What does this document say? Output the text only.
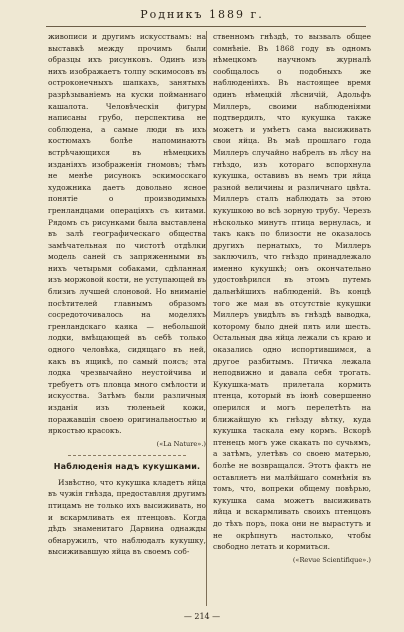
Родникъ 1889 г.

живописи и другимъ искусствамъ: на выставкѣ между прочимъ были образцы ихъ рисунковъ. Одинъ изъ нихъ изображаетъ толпу эскимосовъ въ остроконечныхъ шапкахъ, занятыхъ разрѣзываніемъ на куски пойманнаго кашалота. Человѣческія фигуры написаны грубо, перспектива не соблюдена, а самые люди въ ихъ костюмахъ болѣе напоминаютъ встрѣчающихся въ нѣмецкихъ изданіяхъ изображенія гномовъ; тѣмъ не менѣе рисунокъ эскимосскаго художника даетъ довольно ясное понятіе о производимыхъ гренландцами операціяхъ съ китами. Рядомъ съ рисунками была выставлена въ залѣ географическаго общества замѣчательная по чистотѣ отдѣлки модель саней съ запряженными въ нихъ четырьмя собаками, сдѣланная изъ моржовой кости, не уступающей въ близиъ лучшей слоновой. Но вниманіе посѣтителей главнымъ образомъ сосредоточивалось на моделяхъ гренландскаго каяка — небольшой лодки, вмѣщающей въ себѣ только одного человѣка, сидящаго въ ней, какъ въ ящикѣ, по самый поясъ; эта лодка чрезвычайно неустойчива и требуетъ отъ пловца много смѣлости и искусства. Затѣмъ были различныя изданія изъ тюленьей кожи, поражавшія своею оригинальностью и яркостью красокъ.

(«La Nature».)

Наблюденія надъ кукушками.

Извѣстно, что кукушка кладетъ яйца въ чужія гнѣзда, предоставляя другимъ птицамъ не только ихъ высиживать, но и вскармливать ея птенцовъ. Когда дѣдъ знаменитаго Дарвина однажды обнаружилъ, что наблюдалъ кукушку, высиживавшую яйца въ своемъ соб-

ственномъ гнѣздѣ, то вызвалъ общее сомнѣніе. Въ 1868 году въ одномъ нѣмецкомъ научномъ журналѣ сообщалось о подобныхъ же наблюденіяхъ. Въ настоящее время одинъ нѣмецкій лѣсничій, Адольфъ Миллеръ, своими наблюденіями подтвердилъ, что кукушка также можетъ и умѣетъ сама высиживать свои яйца. Въ маѣ прошлаго года Миллеръ случайно набрелъ въ лѣсу на гнѣздо, изъ котораго вспорхнула кукушка, оставивъ въ немъ три яйца разной величины и различнаго цвѣта. Миллеръ сталъ наблюдать за этою кукушкою во всѣ зорную трубу. Черезъ нѣсколько минутъ птица вернулась, и такъ какъ по близости не оказалось другихъ пернатыхъ, то Миллеръ заключилъ, что гнѣздо принадлежало именно кукушкѣ; онъ окончательно удостовѣрился въ этомъ путемъ дальнѣйшихъ наблюденій. Въ концѣ того же мая въ отсутствіе кукушки Миллеръ увидѣлъ въ гнѣздѣ выводка, которому было дней пять или шесть. Остальныя два яйца лежали съ краю и оказались одно испортившимся, а другое разбитымъ. Птичка лежала неподвижно и давала себя трогать. Кукушка-мать прилетала кормить птенца, который въ іюнѣ совершенно оперился и могъ перелетѣть на ближайшую къ гнѣзду вѣтку, куда кукушка таскала ему кормъ. Вскорѣ птенецъ могъ уже скакать по сучьямъ, а затѣмъ, улетѣвъ со своею матерью, болѣе не возвращался. Этотъ фактъ не оставляетъ ни малѣйшаго сомнѣнія въ томъ, что, вопреки общему повѣрью, кукушка сама можетъ высиживать яйца и вскармливать своихъ птенцовъ до тѣхъ поръ, пока они не вырастутъ и не окрѣпнутъ настолько, чтобы свободно летать и кормиться.

(«Revue Scientifique».)

— 214 —
